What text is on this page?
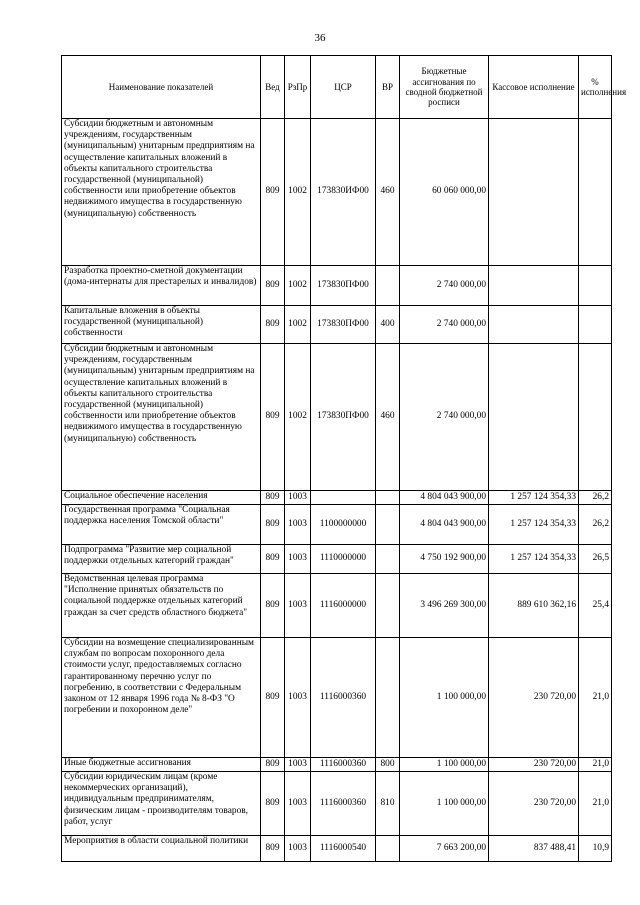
36
Наименование показателей	Вед	РзПр	ЦСР	ВР	Бюджетные ассигнования по сводной бюджетной росписи	Кассовое исполнение	% исполнения
Субсидии бюджетным и автономным учреждениям, государственным (муниципальным) унитарным предприятиям на осуществление капитальных вложений в объекты капитального строительства государственной (муниципальной) собственности или приобретение объектов недвижимого имущества в государственную (муниципальную) собственность	809	1002	173830ИФ00	460	60 060 000,00		
Разработка проектно-сметной документации (дома-интернаты для престарелых и инвалидов)	809	1002	173830ПФ00		2 740 000,00		
Капитальные вложения в объекты государственной (муниципальной) собственности	809	1002	173830ПФ00	400	2 740 000,00		
Субсидии бюджетным и автономным учреждениям, государственным (муниципальным) унитарным предприятиям на осуществление капитальных вложений в объекты капитального строительства государственной (муниципальной) собственности или приобретение объектов недвижимого имущества в государственную (муниципальную) собственность	809	1002	173830ПФ00	460	2 740 000,00		
Социальное обеспечение населения	809	1003			4 804 043 900,00	1 257 124 354,33	26,2
Государственная программа "Социальная поддержка населения Томской области"	809	1003	1100000000		4 804 043 900,00	1 257 124 354,33	26,2
Подпрограмма "Развитие мер социальной поддержки отдельных категорий граждан"	809	1003	1110000000		4 750 192 900,00	1 257 124 354,33	26,5
Ведомственная целевая программа "Исполнение принятых обязательств по социальной поддержке отдельных категорий граждан за счет средств областного бюджета"	809	1003	1116000000		3 496 269 300,00	889 610 362,16	25,4
Субсидии на возмещение специализированным службам по вопросам похоронного дела стоимости услуг, предоставляемых согласно гарантированному перечню услуг по погребению, в соответствии с Федеральным законом от 12 января 1996 года № 8-ФЗ "О погребении и похоронном деле"	809	1003	1116000360		1 100 000,00	230 720,00	21,0
Иные бюджетные ассигнования	809	1003	1116000360	800	1 100 000,00	230 720,00	21,0
Субсидии юридическим лицам (кроме некоммерческих организаций), индивидуальным предпринимателям, физическим лицам - производителям товаров, работ, услуг	809	1003	1116000360	810	1 100 000,00	230 720,00	21,0
Мероприятия в области социальной политики	809	1003	1116000540		7 663 200,00	837 488,41	10,9
